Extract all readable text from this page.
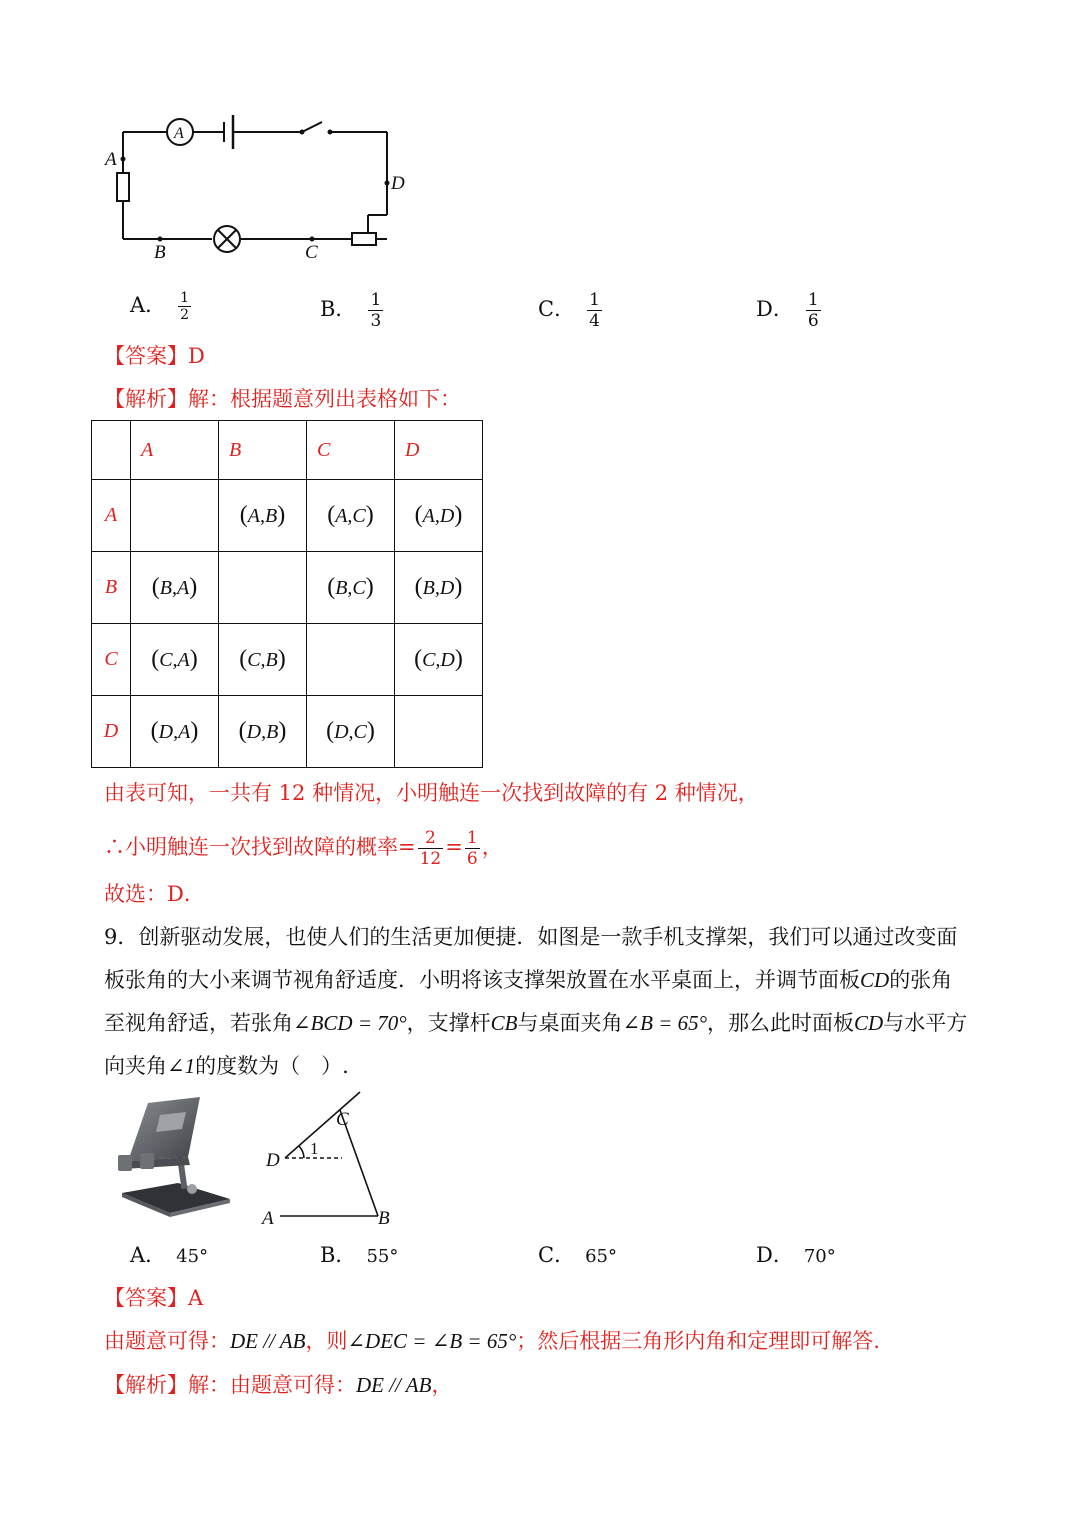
A
A
D
B	C
A． $\frac{1}{2}$	B． $\frac{1}{3}$	C． $\frac{1}{4}$	D． $\frac{1}{6}$
【答案】D
【解析】解：根据题意列出表格如下：
	A	B	C	D
A		(A,B)	(A,C)	(A,D)
B	(B,A)		(B,C)	(B,D)
C	(C,A)	(C,B)		(C,D)
D	(D,A)	(D,B)	(D,C)	
由表可知，一共有 12 种情况，小明触连一次找到故障的有 2 种情况，
∴小明触连一次找到故障的概率= $\frac{2}{12} = \frac{1}{6}$ ，
故选：D．
9．创新驱动发展，也使人们的生活更加便捷．如图是一款手机支撑架，我们可以通过改变面
板张角的大小来调节视角舒适度．小明将该支撑架放置在水平桌面上，并调节面板CD的张角
至视角舒适，若张角∠BCD = 70°，支撑杆CB与桌面夹角∠B = 65°，那么此时面板CD与水平方
向夹角∠1的度数为（　）.
C
D
A	B
1
A． 45°	B． 55°	C． 65°	D． 70°
【答案】A
由题意可得：DE // AB，则∠DEC = ∠B = 65°；然后根据三角形内角和定理即可解答.
【解析】解：由题意可得：DE // AB，
